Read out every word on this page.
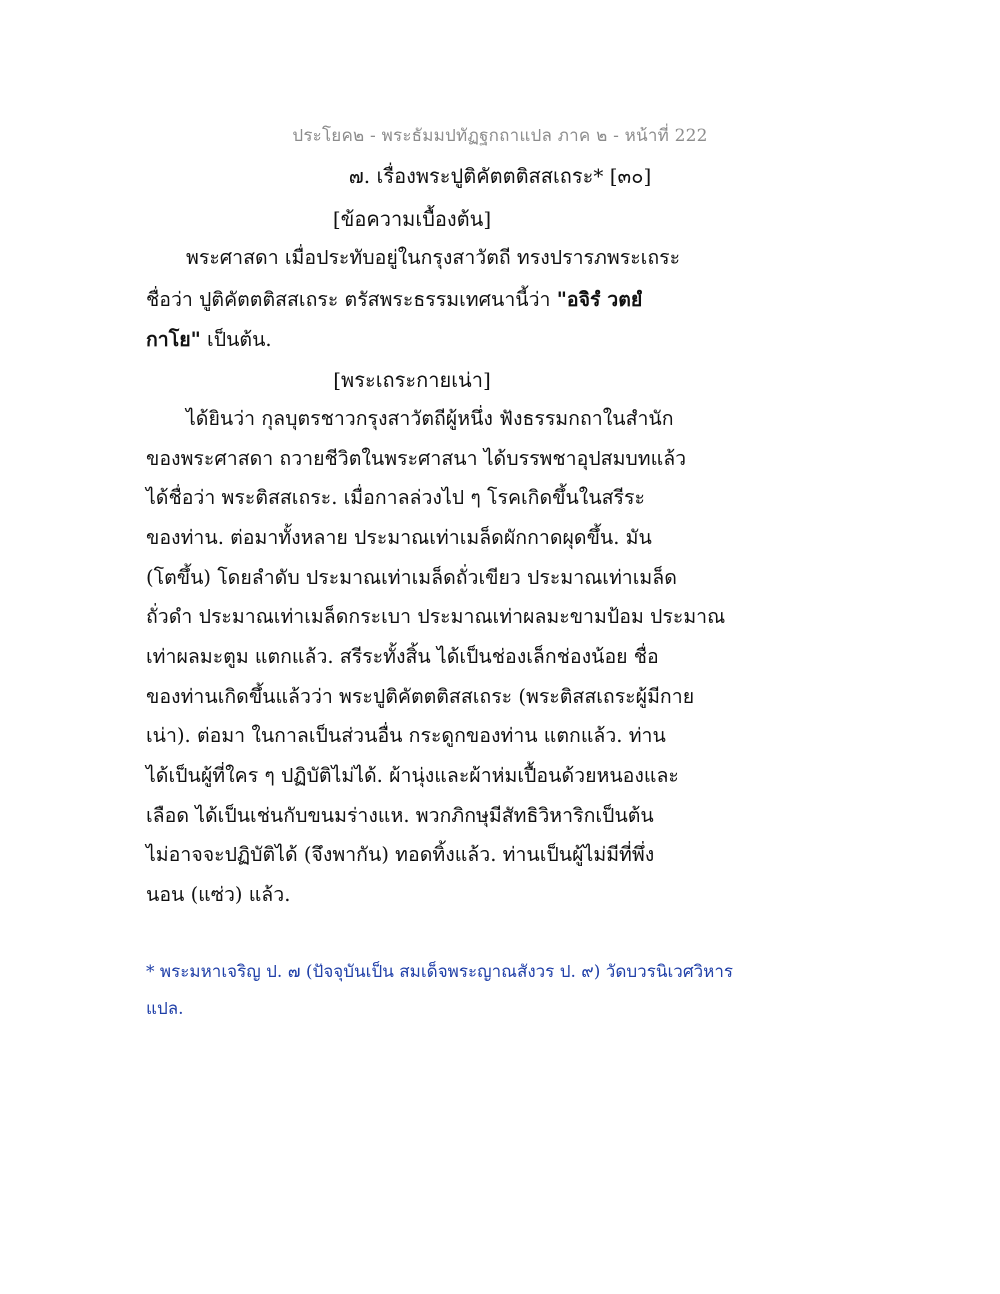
ประโยค๒ - พระธัมมปทัฏฐกถาแปล ภาค ๒ - หน้าที่ 222
๗. เรื่องพระปูติคัตตติสสเถระ* [๓๐]
[ข้อความเบื้องต้น]
พระศาสดา เมื่อประทับอยู่ในกรุงสาวัตถี ทรงปรารภพระเถระ
ชื่อว่า ปูติคัตตติสสเถระ ตรัสพระธรรมเทศนานี้ว่า "อจิรํ วตยํ
กาโย" เป็นต้น.
[พระเถระกายเน่า]
ได้ยินว่า กุลบุตรชาวกรุงสาวัตถีผู้หนึ่ง ฟังธรรมกถาในสำนัก
ของพระศาสดา ถวายชีวิตในพระศาสนา ได้บรรพชาอุปสมบทแล้ว
ได้ชื่อว่า พระติสสเถระ. เมื่อกาลล่วงไป ๆ โรคเกิดขึ้นในสรีระ
ของท่าน. ต่อมาทั้งหลาย ประมาณเท่าเมล็ดผักกาดผุดขึ้น. มัน
(โตขึ้น) โดยลำดับ ประมาณเท่าเมล็ดถั่วเขียว ประมาณเท่าเมล็ด
ถั่วดำ ประมาณเท่าเมล็ดกระเบา ประมาณเท่าผลมะขามป้อม ประมาณ
เท่าผลมะตูม แตกแล้ว. สรีระทั้งสิ้น ได้เป็นช่องเล็กช่องน้อย ชื่อ
ของท่านเกิดขึ้นแล้วว่า พระปูติคัตตติสสเถระ (พระติสสเถระผู้มีกาย
เน่า). ต่อมา ในกาลเป็นส่วนอื่น กระดูกของท่าน แตกแล้ว. ท่าน
ได้เป็นผู้ที่ใคร ๆ ปฏิบัติไม่ได้. ผ้านุ่งและผ้าห่มเปื้อนด้วยหนองและ
เลือด ได้เป็นเช่นกับขนมร่างแห. พวกภิกษุมีสัทธิวิหาริกเป็นต้น
ไม่อาจจะปฏิบัติได้ (จึงพากัน) ทอดทิ้งแล้ว. ท่านเป็นผู้ไม่มีที่พึ่ง
นอน (แซ่ว) แล้ว.
* พระมหาเจริญ ป. ๗ (ปัจจุบันเป็น สมเด็จพระญาณสังวร ป. ๙) วัดบวรนิเวศวิหาร
แปล.
